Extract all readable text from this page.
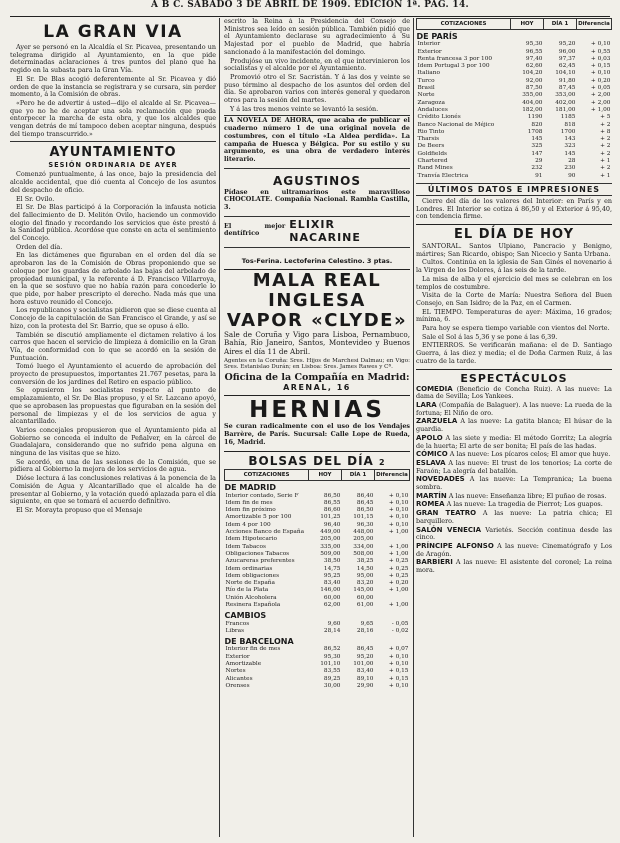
A B C. SÁBADO 3 DE ABRIL DE 1909. EDICIÓN 1ª. PAG. 14.
LA GRAN VIA

Ayer se personó en la Alcaldía el Sr. Picaveа, presentando un telegrama dirigido al Ayuntamiento, en la que pide determinadas aclaraciones á tres puntos del plano que ha regido en la subasta para la Gran Vía.

El Sr. De Blas acogió deferentemente al Sr. Picaveа y dió orden de que la instancia se registrara y se cursara, sin perder momento, á la Comisión de obras.

«Pero he de advertir á usted—dijo el alcalde al Sr. Picaveа—que yo no he de aceptar una sola reclamación que pueda entorpecer la marcha de esta obra, y que los alcaldes que vengan detrás de mí tampoco deben aceptar ninguna, después del tiempo transcurrido.»

AYUNTAMIENTO
SESIÓN ORDINARIA DE AYER

Comenzó puntualmente, á las once, bajo la presidencia del alcalde accidental, que dió cuenta al Concejo de los asuntos del despacho de oficio.

El Sr. Ovilo.

El Sr. De Blas participó á la Corporación la infausta noticia del fallecimiento de D. Melitón Ovilo, haciendo un conmovido elogio del finado y recordando los servicios que éste prestó á la Sanidad pública. Acordóse que conste en acta el sentimiento del Concejo.

Orden del día.

En las dictámenes que figuraban en el orden del día se aprobaron las de la Comisión de Obras proponiendo que se coloque por los guardas de arbolado las bajas del arbolado de propiedad municipal, y la referente á D. Francisco Villarroya, en la que se sostuvo que no había razón para concederle lo que pide, por haber prescripto el derecho. Nada más que una hora estuvo reunido el Concejo.

Los republicanos y socialistas pidieron que se diese cuenta al Concejo de la capitulación de San Francisco el Grande, y así se hizo, con la protesta del Sr. Barrio, que se opuso á ello.

También se discutió ampliamente el dictamen relativo á los carros que hacen el servicio de limpieza á domicilio en la Gran Vía, de conformidad con lo que se acordó en la sesión de Puntuación.

Tomó luego el Ayuntamiento el acuerdo de aprobación del proyecto de presupuestos, importantes 21.767 pesetas, para la conversión de los jardines del Retiro en espacio público.

Se opusieron los socialistas respecto al punto de emplazamiento, el Sr. De Blas propuso, y el Sr. Lazcano apoyó, que se aprobasen las propuestas que figuraban en la sesión del personal de limpiezas y el de los servicios de agua y alcantarillado.

Varios concejales propusieron que el Ayuntamiento pida al Gobierno se conceda el indulto de Peñalver, en la cárcel de Guadalajara, considerando que no sufrido pena alguna en ninguna de las visitas que se hizo.

Se acordó, en una de las sesiones de la Comisión, que se pidiera al Gobierno la mejora de los servicios de agua.

Dióse lectura á las conclusiones relativas á la ponencia de la Comisión de Agua y Alcantarillado que el alcalde ha de presentar al Gobierno, y la votación quedó aplazada para el día siguiente, en que se tomará el acuerdo definitivo.

El Sr. Morayta propuso que el Mensaje

escrito la Reina á la Presidencia del Consejo de Ministros sea leído en sesión pública. También pidió que el Ayuntamiento declarase su agradecimiento á Su Majestad por el pueblo de Madrid, que habría sancionado á la manifestación del domingo.

Produjóse un vivo incidente, en el que intervinieron los socialistas y el alcalde por el Ayuntamiento.

Promovió otro el Sr. Sacristán. Y á las dos y veinte se puso término al despacho de los asuntos del orden del día. Se aprobaron varios con interés general y quedaron otros para la sesión del martes.

Y á las tres menos veinte se levantó la sesión.

LA NOVELA DE AHORA, que acaba de publicar el cuaderno número 1 de una original novela de costumbres, con el título «La Aldea perdida». La campaña de Huesca y Bélgica. Por su estilo y su argumento, es una obra de verdadero interés literario.

AGUSTINOS

Pídase en ultramarinos este maravilloso CHOCOLATE. Compañía Nacional. Rambla Castilla, 3.

El mejor dentífrico
ELIXIR NACARINE
Tos-Ferina. Lectoferina Celestino. 3 ptas.
MALA REAL INGLESA
VAPOR «CLYDE»

Sale de Coruña y Vigo para Lisboa, Pernambuco, Bahía, Río Janeiro, Santos, Montevideo y Buenos Aires el día 11 de Abril.

Agentes en la Coruña: Sres. Hijos de Marchesi Dalmau; en Vigo: Sres. Estanislao Durán; en Lisboa: Sres. James Rawes y Cª.

Oficina de la Compañía en Madrid:
ARENAL, 16
HERNIAS

Se curan radicalmente con el uso de los Vendajes Barrère, de París. Sucursal: Calle Lope de Rueda, 16, Madrid.

BOLSAS DEL DÍA 2
COTIZACIONES	HOY	DÍA 1	Diferencia
DE MADRID			
Interior contado, Serie F	86,50	86,40	+ 0,10
Idem fin de mes	86,55	86,45	+ 0,10
Idem fin próximo	86,60	86,50	+ 0,10
Amortizable 5 por 100	101,25	101,15	+ 0,10
Idem 4 por 100	96,40	96,30	+ 0,10
Acciones Banco de España	449,00	448,00	+ 1,00
Idem Hipotecario	205,00	205,00	
Idem Tabacos	335,00	334,00	+ 1,00
Obligaciones Tabacos	509,00	508,00	+ 1,00
Azucareras preferentes	38,50	38,25	+ 0,25
Idem ordinarias	14,75	14,50	+ 0,25
Idem obligaciones	95,25	95,00	+ 0,25
Norte de España	83,40	83,20	+ 0,20
Río de la Plata	146,00	145,00	+ 1,00
Unión Alcoholera	60,00	60,00	
Resinera Española	62,00	61,00	+ 1,00
CAMBIOS			
Francos	9,60	9,65	- 0,05
Libras	28,14	28,16	- 0,02
DE BARCELONA			
Interior fin de mes	86,52	86,45	+ 0,07
Exterior	95,30	95,20	+ 0,10
Amortizable	101,10	101,00	+ 0,10
Nortes	83,55	83,40	+ 0,15
Alicantes	89,25	89,10	+ 0,15
Orenses	30,00	29,90	+ 0,10
COTIZACIONES	HOY	DÍA 1	Diferencia
DE PARÍS			
Interior	95,30	95,20	+ 0,10
Exterior	96,55	96,00	+ 0,55
Renta francesa 3 por 100	97,40	97,37	+ 0,03
Idem Portugal 3 por 100	62,60	62,45	+ 0,15
Italiano	104,20	104,10	+ 0,10
Turco	92,00	91,80	+ 0,20
Brasil	87,50	87,45	+ 0,05
Norte	355,00	353,00	+ 2,00
Zaragoza	404,00	402,00	+ 2,00
Andaluces	182,00	181,00	+ 1,00
Crédito Lionés	1190	1185	+ 5
Banco Nacional de Méjico	820	818	+ 2
Rio Tinto	1708	1700	+ 8
Tharsis	145	143	+ 2
De Beers	325	323	+ 2
Goldfields	147	145	+ 2
Chartered	29	28	+ 1
Rand Mines	232	230	+ 2
Tranvía Electrica	91	90	+ 1
ÚLTIMOS DATOS E IMPRESIONES

Cierre del día de los valores del Interior: en París y en Londres. El Interior se cotiza á 86,50 y el Exterior á 95,40, con tendencia firme.

EL DÍA DE HOY

SANTORAL. Santos Ulpiano, Pancracio y Benigno, mártires; San Ricardo, obispo; San Nicecio y Santa Urbana.

Cultos. Continúa en la iglesia de San Ginés el novenario á la Virgen de los Dolores, á las seis de la tarde.

La misa de alba y el ejercicio del mes se celebran en los templos de costumbre.

Visita de la Corte de María: Nuestra Señora del Buen Consejo, en San Isidro; de la Paz, en el Carmen.

EL TIEMPO. Temperaturas de ayer: Máxima, 16 grados; mínima, 6.

Para hoy se espera tiempo variable con vientos del Norte.

Sale el Sol á las 5,36 y se pone á las 6,39.

ENTIERROS. Se verificarán mañana: el de D. Santiago Guerra, á las diez y media; el de Doña Carmen Ruiz, á las cuatro de la tarde.

ESPECTÁCULOS

COMEDIA (Beneficio de Concha Ruiz). A las nueve: La dama de Sevilla; Los Yankees.

LARA (Compañía de Balaguer). A las nueve: La rueda de la fortuna; El Niño de oro.

ZARZUELA A las nueve: La gatita blanca; El húsar de la guardia.

APOLO A las siete y media: El método Gorritz; La alegría de la huerta; El arte de ser bonita; El país de las hadas.

CÓMICO A las nueve: Los pícaros celos; El amor que huye.

ESLAVA A las nueve: El trust de los tenorios; La corte de Faraón; La alegría del batallón.

NOVEDADES A las nueve: La Tempranica; La buena sombra.

MARTÍN A las nueve: Enseñanza libre; El puñao de rosas.

ROMEA A las nueve: La tragedia de Pierrot; Los guapos.

GRAN TEATRO A las nueve: La patria chica; El barquillero.

SALÓN VENECIA Varietés. Sección continua desde las cinco.

PRÍNCIPE ALFONSO A las nueve: Cinematógrafo y Los de Aragón.

BARBIERI A las nueve: El asistente del coronel; La reina mora.
